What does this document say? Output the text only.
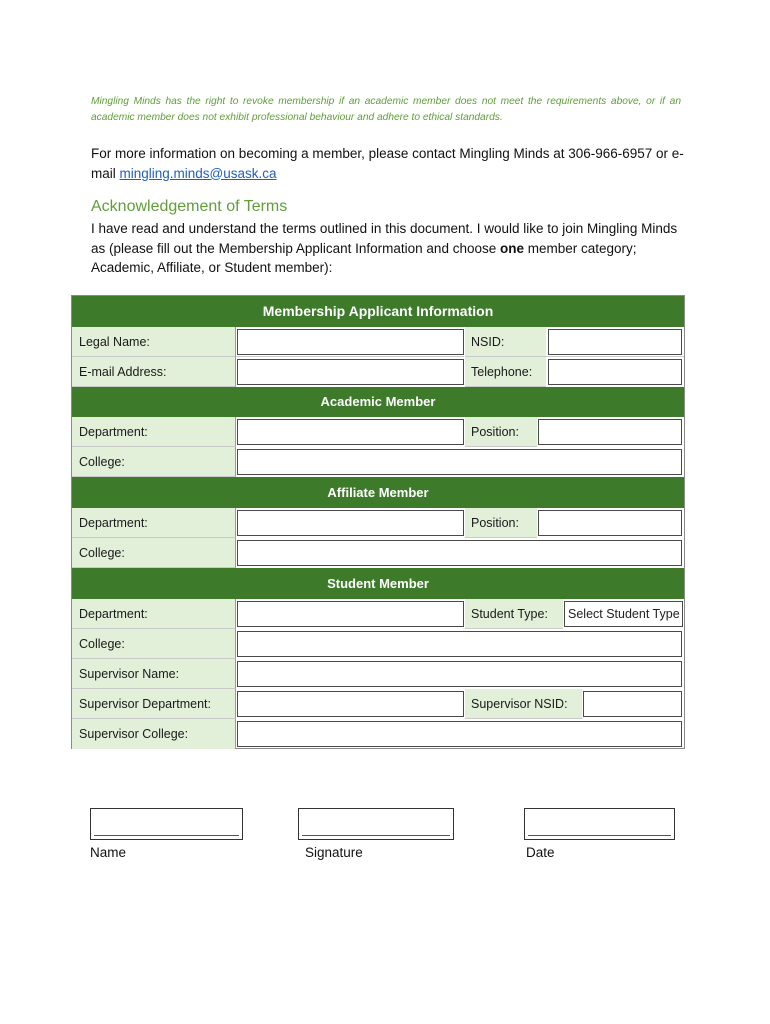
Mingling Minds has the right to revoke membership if an academic member does not meet the requirements above, or if an academic member does not exhibit professional behaviour and adhere to ethical standards.
For more information on becoming a member, please contact Mingling Minds at 306-966-6957 or e-mail mingling.minds@usask.ca
Acknowledgement of Terms
I have read and understand the terms outlined in this document. I would like to join Mingling Minds as (please fill out the Membership Applicant Information and choose one member category; Academic, Affiliate, or Student member):
Membership Applicant Information
Legal Name:	NSID:
E-mail Address:	Telephone:
Academic Member
Department:	Position:
College:
Affiliate Member
Department:	Position:
College:
Student Member
Department:	Student Type:	Select Student Type
College:
Supervisor Name:
Supervisor Department:	Supervisor NSID:
Supervisor College:
Name	Signature	Date
